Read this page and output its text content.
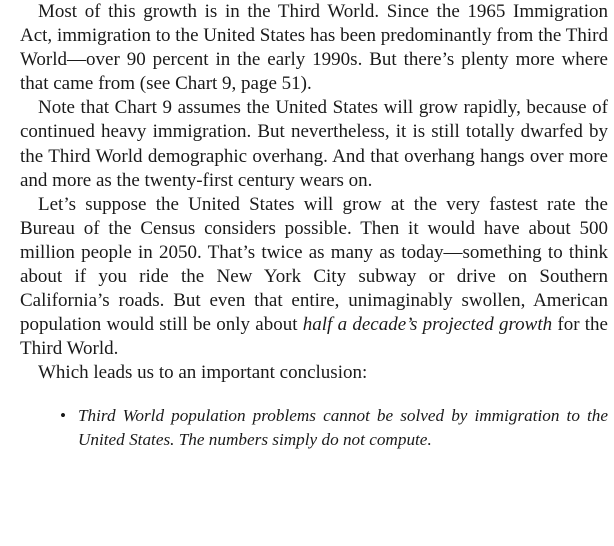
Most of this growth is in the Third World. Since the 1965 Immigration Act, immigration to the United States has been predominantly from the Third World—over 90 percent in the early 1990s. But there’s plenty more where that came from (see Chart 9, page 51).

Note that Chart 9 assumes the United States will grow rapidly, because of continued heavy immigration. But nevertheless, it is still totally dwarfed by the Third World demographic overhang. And that overhang hangs over more and more as the twenty-first century wears on.

Let’s suppose the United States will grow at the very fastest rate the Bureau of the Census considers possible. Then it would have about 500 million people in 2050. That’s twice as many as today—something to think about if you ride the New York City subway or drive on Southern California’s roads. But even that entire, unimaginably swollen, American population would still be only about half a decade’s projected growth for the Third World.

Which leads us to an important conclusion:

• Third World population problems cannot be solved by immigration to the United States. The numbers simply do not compute.
